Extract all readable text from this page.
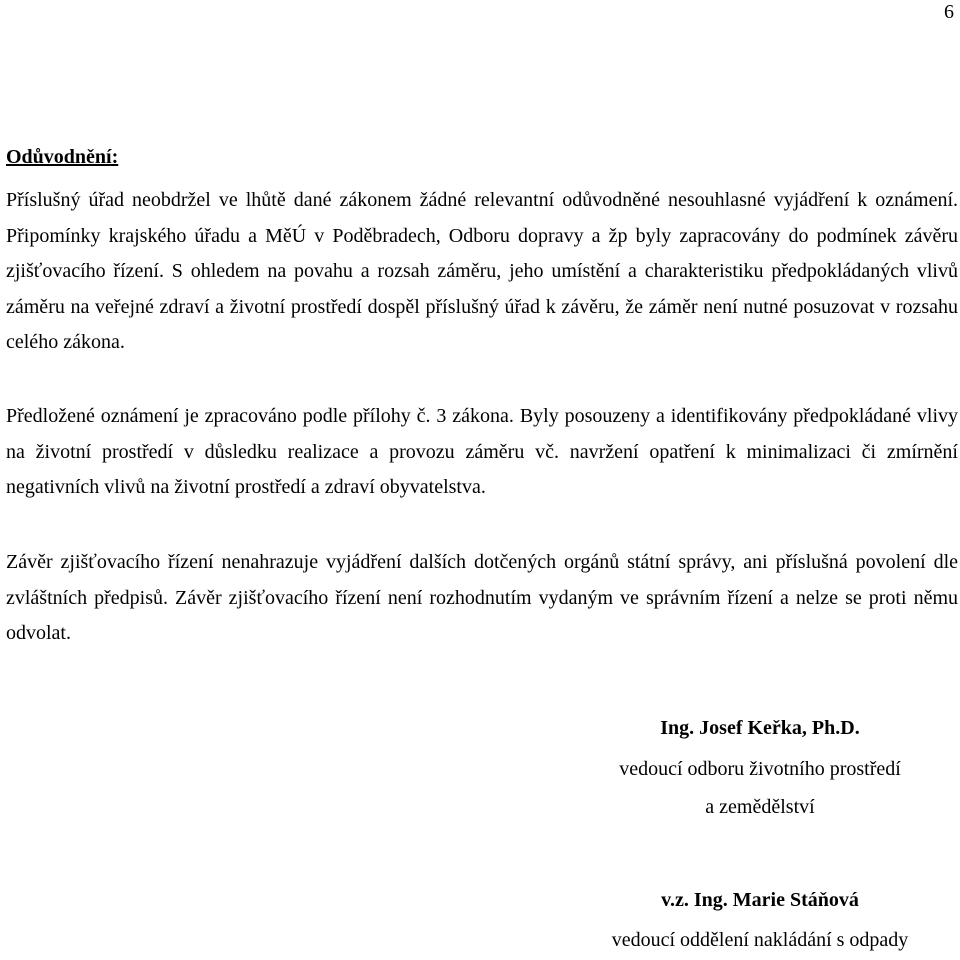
6
Odůvodnění:
Příslušný úřad neobdržel ve lhůtě dané zákonem žádné relevantní odůvodněné nesouhlasné vyjádření k oznámení. Připomínky krajského úřadu a MěÚ v Poděbradech, Odboru dopravy a žp byly zapracovány do podmínek závěru zjišťovacího řízení. S ohledem na povahu a rozsah záměru, jeho umístění a charakteristiku předpokládaných vlivů záměru na veřejné zdraví a životní prostředí dospěl příslušný úřad k závěru, že záměr není nutné posuzovat v rozsahu celého zákona.
Předložené oznámení je zpracováno podle přílohy č. 3 zákona. Byly posouzeny a identifikovány předpokládané vlivy na životní prostředí v důsledku realizace a provozu záměru vč. navržení opatření k minimalizaci či zmírnění negativních vlivů na životní prostředí a zdraví obyvatelstva.
Závěr zjišťovacího řízení nenahrazuje vyjádření dalších dotčených orgánů státní správy, ani příslušná povolení dle zvláštních předpisů. Závěr zjišťovacího řízení není rozhodnutím vydaným ve správním řízení a nelze se proti němu odvolat.
Ing. Josef Keřka, Ph.D.
vedoucí odboru životního prostředí
a zemědělství
v.z. Ing. Marie Stáňová
vedoucí oddělení nakládání s odpady
